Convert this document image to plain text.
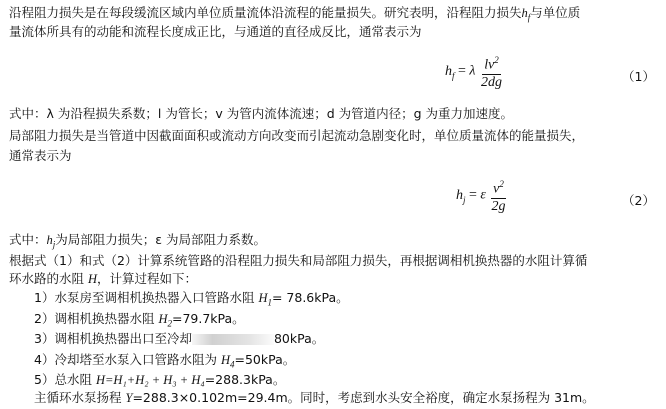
沿程阻力损失是在每段缓流区域内单位质量流体沿流程的能量损失。研究表明，沿程阻力损失$h_f$与单位质
量流体所具有的动能和流程长度成正比，与通道的直径成反比，通常表示为
$h_f = \lambda \frac{lv^2}{2dg}$	（1）
式中：λ 为沿程损失系数；l 为管长；v 为管内流体流速；d 为管道内径；g 为重力加速度。
局部阻力损失是当管道中因截面面积或流动方向改变而引起流动急剧变化时，单位质量流体的能量损失，
通常表示为
$h_j = \varepsilon \frac{v^2}{2g}$	（2）
式中：$h_j$为局部阻力损失；ε 为局部阻力系数。
根据式（1）和式（2）计算系统管路的沿程阻力损失和局部阻力损失，再根据调相机换热器的水阻计算循
环水路的水阻 H，计算过程如下：
1）水泵房至调相机换热器入口管路水阻 $H_1= 78.6kPa$。
2）调相机换热器水阻 $H_2=79.7kPa$。
3）调相机换热器出口至冷却	80kPa。
4）冷却塔至水泵入口管路水阻为 $H_4=50kPa$。
5）总水阻 H=H₁+H₂ + H₃ + H₄=288.3kPa。
主循环水泵扬程 Y=288.3×0.102m=29.4m。同时，考虑到水头安全裕度，确定水泵扬程为 31m。
